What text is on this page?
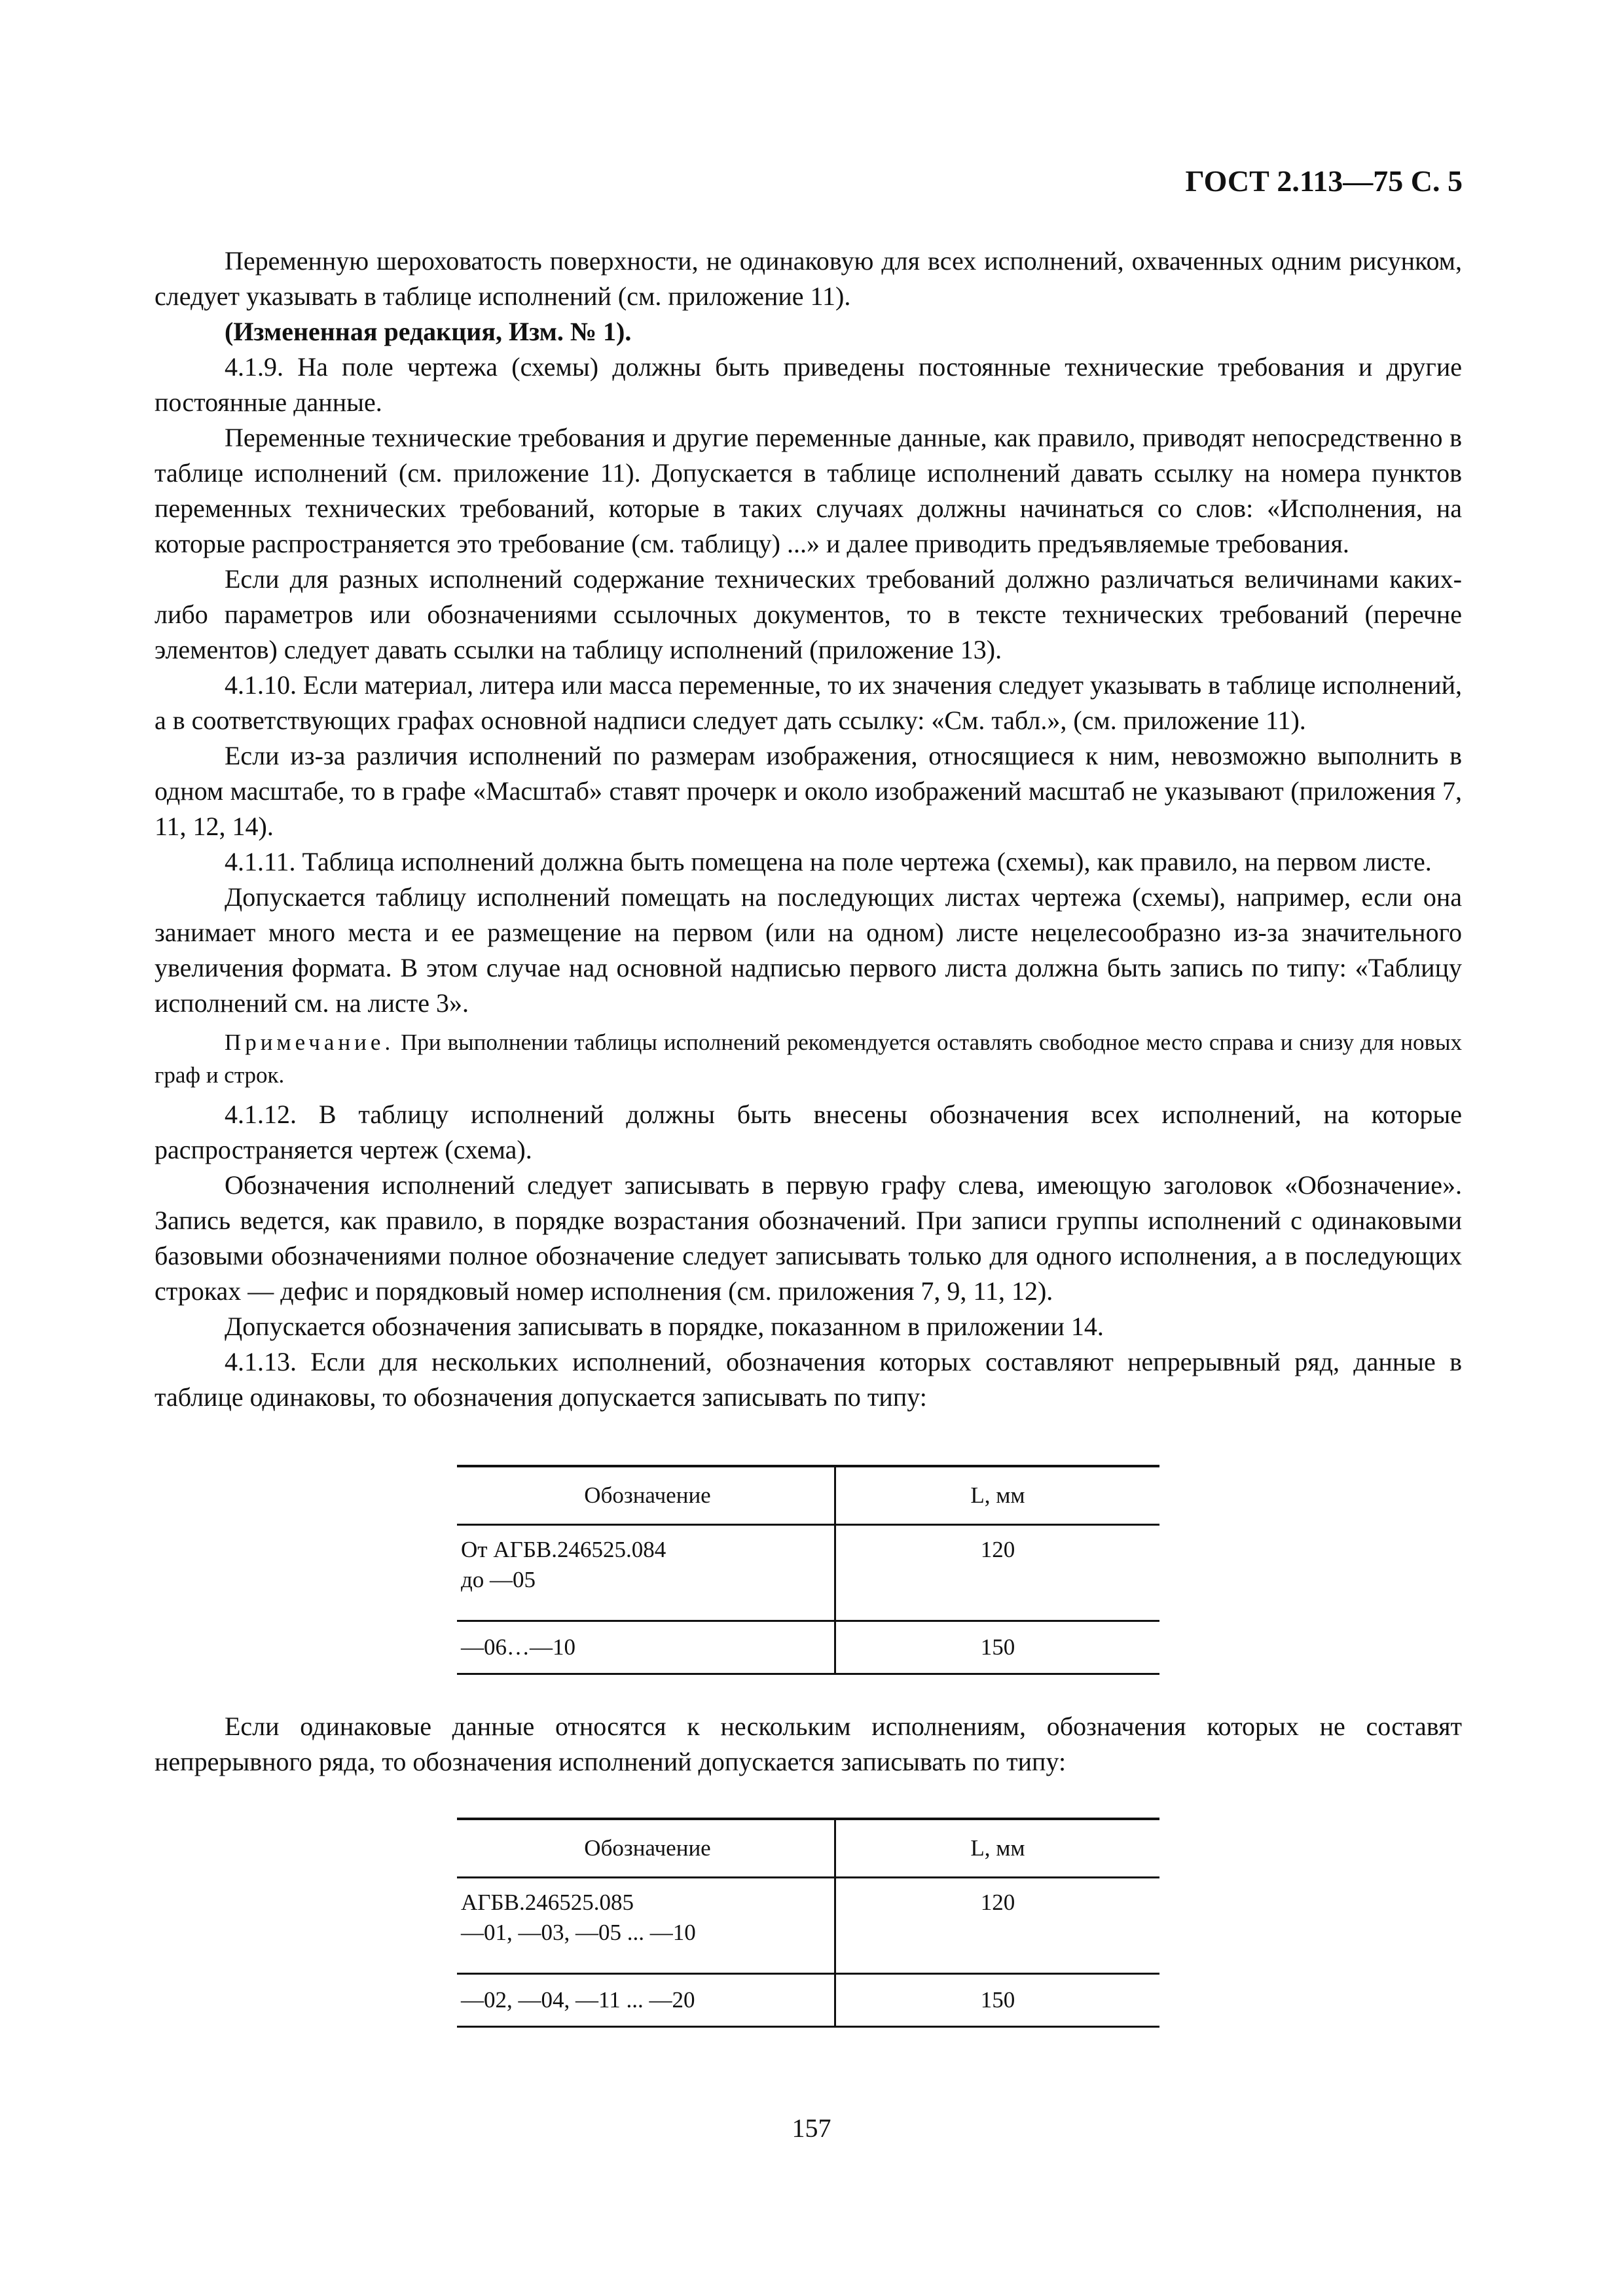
ГОСТ 2.113—75 С. 5

Переменную шероховатость поверхности, не одинаковую для всех исполнений, охваченных одним рисунком, следует указывать в таблице исполнений (см. приложение 11).

(Измененная редакция, Изм. № 1).

4.1.9. На поле чертежа (схемы) должны быть приведены постоянные технические требования и другие постоянные данные.

Переменные технические требования и другие переменные данные, как правило, приводят непосредственно в таблице исполнений (см. приложение 11). Допускается в таблице исполнений давать ссылку на номера пунктов переменных технических требований, которые в таких случаях должны начинаться со слов: «Исполнения, на которые распространяется это требование (см. таблицу) ...» и далее приводить предъявляемые требования.

Если для разных исполнений содержание технических требований должно различаться величинами каких-либо параметров или обозначениями ссылочных документов, то в тексте технических требований (перечне элементов) следует давать ссылки на таблицу исполнений (приложение 13).

4.1.10. Если материал, литера или масса переменные, то их значения следует указывать в таблице исполнений, а в соответствующих графах основной надписи следует дать ссылку: «См. табл.», (см. приложение 11).

Если из-за различия исполнений по размерам изображения, относящиеся к ним, невозможно выполнить в одном масштабе, то в графе «Масштаб» ставят прочерк и около изображений масштаб не указывают (приложения 7, 11, 12, 14).

4.1.11. Таблица исполнений должна быть помещена на поле чертежа (схемы), как правило, на первом листе.

Допускается таблицу исполнений помещать на последующих листах чертежа (схемы), например, если она занимает много места и ее размещение на первом (или на одном) листе нецелесообразно из-за значительного увеличения формата. В этом случае над основной надписью первого листа должна быть запись по типу: «Таблицу исполнений см. на листе 3».

Примечание. При выполнении таблицы исполнений рекомендуется оставлять свободное место справа и снизу для новых граф и строк.

4.1.12. В таблицу исполнений должны быть внесены обозначения всех исполнений, на которые распространяется чертеж (схема).

Обозначения исполнений следует записывать в первую графу слева, имеющую заголовок «Обозначение». Запись ведется, как правило, в порядке возрастания обозначений. При записи группы исполнений с одинаковыми базовыми обозначениями полное обозначение следует записывать только для одного исполнения, а в последующих строках — дефис и порядковый номер исполнения (см. приложения 7, 9, 11, 12).

Допускается обозначения записывать в порядке, показанном в приложении 14.

4.1.13. Если для нескольких исполнений, обозначения которых составляют непрерывный ряд, данные в таблице одинаковы, то обозначения допускается записывать по типу:

Обозначение	L, мм

От АГБВ.246525.084
до —05	120
—06…—10	150

Если одинаковые данные относятся к нескольким исполнениям, обозначения которых не составят непрерывного ряда, то обозначения исполнений допускается записывать по типу:

Обозначение	L, мм

АГБВ.246525.085
—01, —03, —05 ... —10	120
—02, —04, —11 ... —20	150
157
